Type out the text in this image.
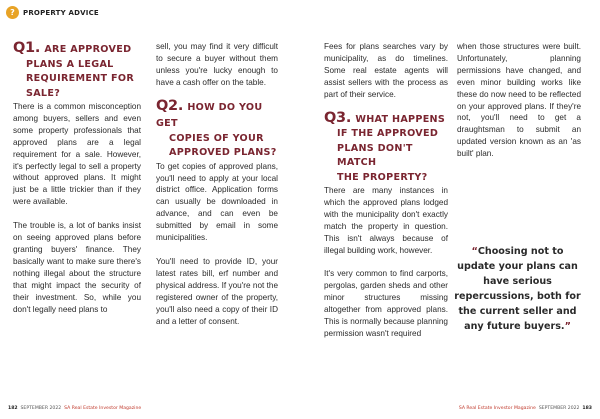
?	PROPERTY ADVICE
Q1. ARE APPROVED
PLANS A LEGAL
REQUIREMENT FOR
SALE?

There is a common misconception among buyers, sellers and even some property professionals that approved plans are a legal requirement for a sale. However, it's perfectly legal to sell a property without approved plans. It might just be a little trickier than if they were available.

The trouble is, a lot of banks insist on seeing approved plans before granting buyers' finance. They basically want to make sure there's nothing illegal about the structure that might impact the security of their investment. So, while you don't legally need plans to

sell, you may find it very difficult to secure a buyer without them unless you're lucky enough to have a cash offer on the table.

Q2. HOW DO YOU GET
COPIES OF YOUR
APPROVED PLANS?

To get copies of approved plans, you'll need to apply at your local district office. Application forms can usually be downloaded in advance, and can even be submitted by email in some municipalities.

You'll need to provide ID, your latest rates bill, erf number and physical address. If you're not the registered owner of the property, you'll also need a copy of their ID and a letter of consent.

Fees for plans searches vary by municipality, as do timelines. Some real estate agents will assist sellers with the process as part of their service.

Q3. WHAT HAPPENS
IF THE APPROVED
PLANS DON'T MATCH
THE PROPERTY?

There are many instances in which the approved plans lodged with the municipality don't exactly match the property in question. This isn't always because of illegal building work, however.

It's very common to find carports, pergolas, garden sheds and other minor structures missing altogether from approved plans. This is normally because planning permission wasn't required

when those structures were built. Unfortunately, planning permissions have changed, and even minor building works like these do now need to be reflected on your approved plans. If they're not, you'll need to get a draughtsman to submit an updated version known as an 'as built' plan.

“Choosing not to update your plans can have serious repercussions, both for the current seller and any future buyers.”
182 SEPTEMBER 2022 SA Real Estate Investor Magazine	SA Real Estate Investor Magazine SEPTEMBER 2022 183
